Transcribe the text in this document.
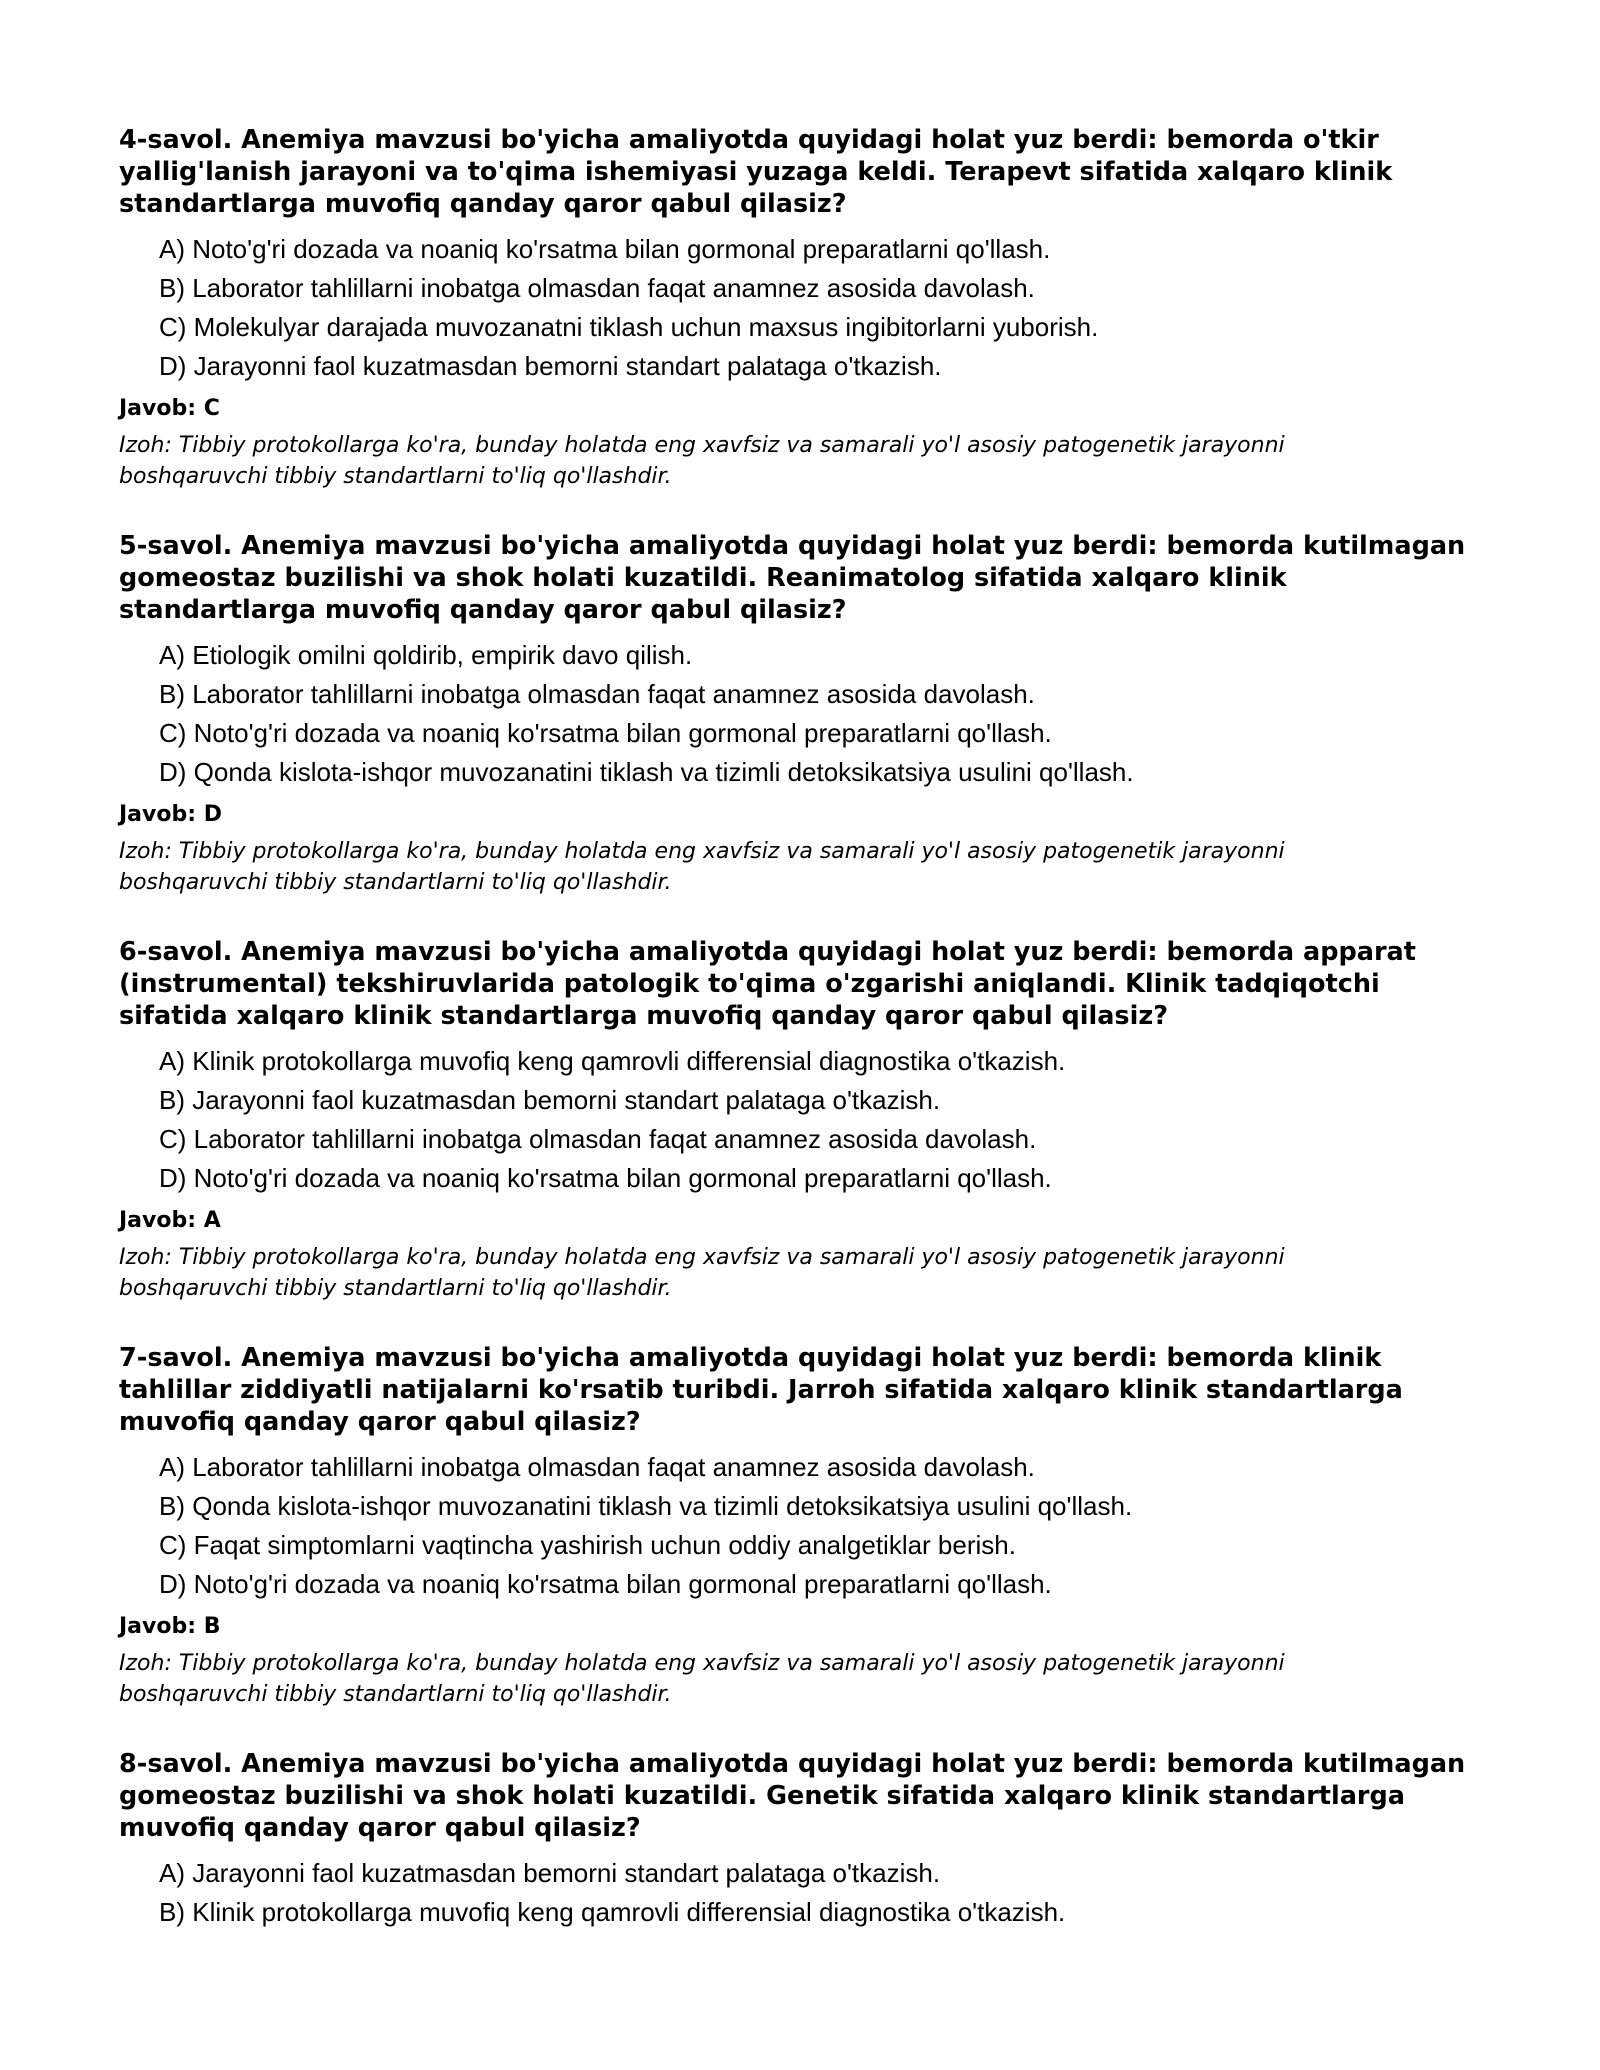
4-savol. Anemiya mavzusi bo'yicha amaliyotda quyidagi holat yuz berdi: bemorda o'tkir yallig'lanish jarayoni va to'qima ishemiyasi yuzaga keldi. Terapevt sifatida xalqaro klinik standartlarga muvofiq qanday qaror qabul qilasiz?
A) Noto'g'ri dozada va noaniq ko'rsatma bilan gormonal preparatlarni qo'llash.
B) Laborator tahlillarni inobatga olmasdan faqat anamnez asosida davolash.
C) Molekulyar darajada muvozanatni tiklash uchun maxsus ingibitorlarni yuborish.
D) Jarayonni faol kuzatmasdan bemorni standart palataga o'tkazish.
Javob: C
Izoh: Tibbiy protokollarga ko'ra, bunday holatda eng xavfsiz va samarali yo'l asosiy patogenetik jarayonni boshqaruvchi tibbiy standartlarni to'liq qo'llashdir.
5-savol. Anemiya mavzusi bo'yicha amaliyotda quyidagi holat yuz berdi: bemorda kutilmagan gomeostaz buzilishi va shok holati kuzatildi. Reanimatolog sifatida xalqaro klinik standartlarga muvofiq qanday qaror qabul qilasiz?
A) Etiologik omilni qoldirib, empirik davo qilish.
B) Laborator tahlillarni inobatga olmasdan faqat anamnez asosida davolash.
C) Noto'g'ri dozada va noaniq ko'rsatma bilan gormonal preparatlarni qo'llash.
D) Qonda kislota-ishqor muvozanatini tiklash va tizimli detoksikatsiya usulini qo'llash.
Javob: D
Izoh: Tibbiy protokollarga ko'ra, bunday holatda eng xavfsiz va samarali yo'l asosiy patogenetik jarayonni boshqaruvchi tibbiy standartlarni to'liq qo'llashdir.
6-savol. Anemiya mavzusi bo'yicha amaliyotda quyidagi holat yuz berdi: bemorda apparat (instrumental) tekshiruvlarida patologik to'qima o'zgarishi aniqlandi. Klinik tadqiqotchi sifatida xalqaro klinik standartlarga muvofiq qanday qaror qabul qilasiz?
A) Klinik protokollarga muvofiq keng qamrovli differensial diagnostika o'tkazish.
B) Jarayonni faol kuzatmasdan bemorni standart palataga o'tkazish.
C) Laborator tahlillarni inobatga olmasdan faqat anamnez asosida davolash.
D) Noto'g'ri dozada va noaniq ko'rsatma bilan gormonal preparatlarni qo'llash.
Javob: A
Izoh: Tibbiy protokollarga ko'ra, bunday holatda eng xavfsiz va samarali yo'l asosiy patogenetik jarayonni boshqaruvchi tibbiy standartlarni to'liq qo'llashdir.
7-savol. Anemiya mavzusi bo'yicha amaliyotda quyidagi holat yuz berdi: bemorda klinik tahlillar ziddiyatli natijalarni ko'rsatib turibdi. Jarroh sifatida xalqaro klinik standartlarga muvofiq qanday qaror qabul qilasiz?
A) Laborator tahlillarni inobatga olmasdan faqat anamnez asosida davolash.
B) Qonda kislota-ishqor muvozanatini tiklash va tizimli detoksikatsiya usulini qo'llash.
C) Faqat simptomlarni vaqtincha yashirish uchun oddiy analgetiklar berish.
D) Noto'g'ri dozada va noaniq ko'rsatma bilan gormonal preparatlarni qo'llash.
Javob: B
Izoh: Tibbiy protokollarga ko'ra, bunday holatda eng xavfsiz va samarali yo'l asosiy patogenetik jarayonni boshqaruvchi tibbiy standartlarni to'liq qo'llashdir.
8-savol. Anemiya mavzusi bo'yicha amaliyotda quyidagi holat yuz berdi: bemorda kutilmagan gomeostaz buzilishi va shok holati kuzatildi. Genetik sifatida xalqaro klinik standartlarga muvofiq qanday qaror qabul qilasiz?
A) Jarayonni faol kuzatmasdan bemorni standart palataga o'tkazish.
B) Klinik protokollarga muvofiq keng qamrovli differensial diagnostika o'tkazish.
